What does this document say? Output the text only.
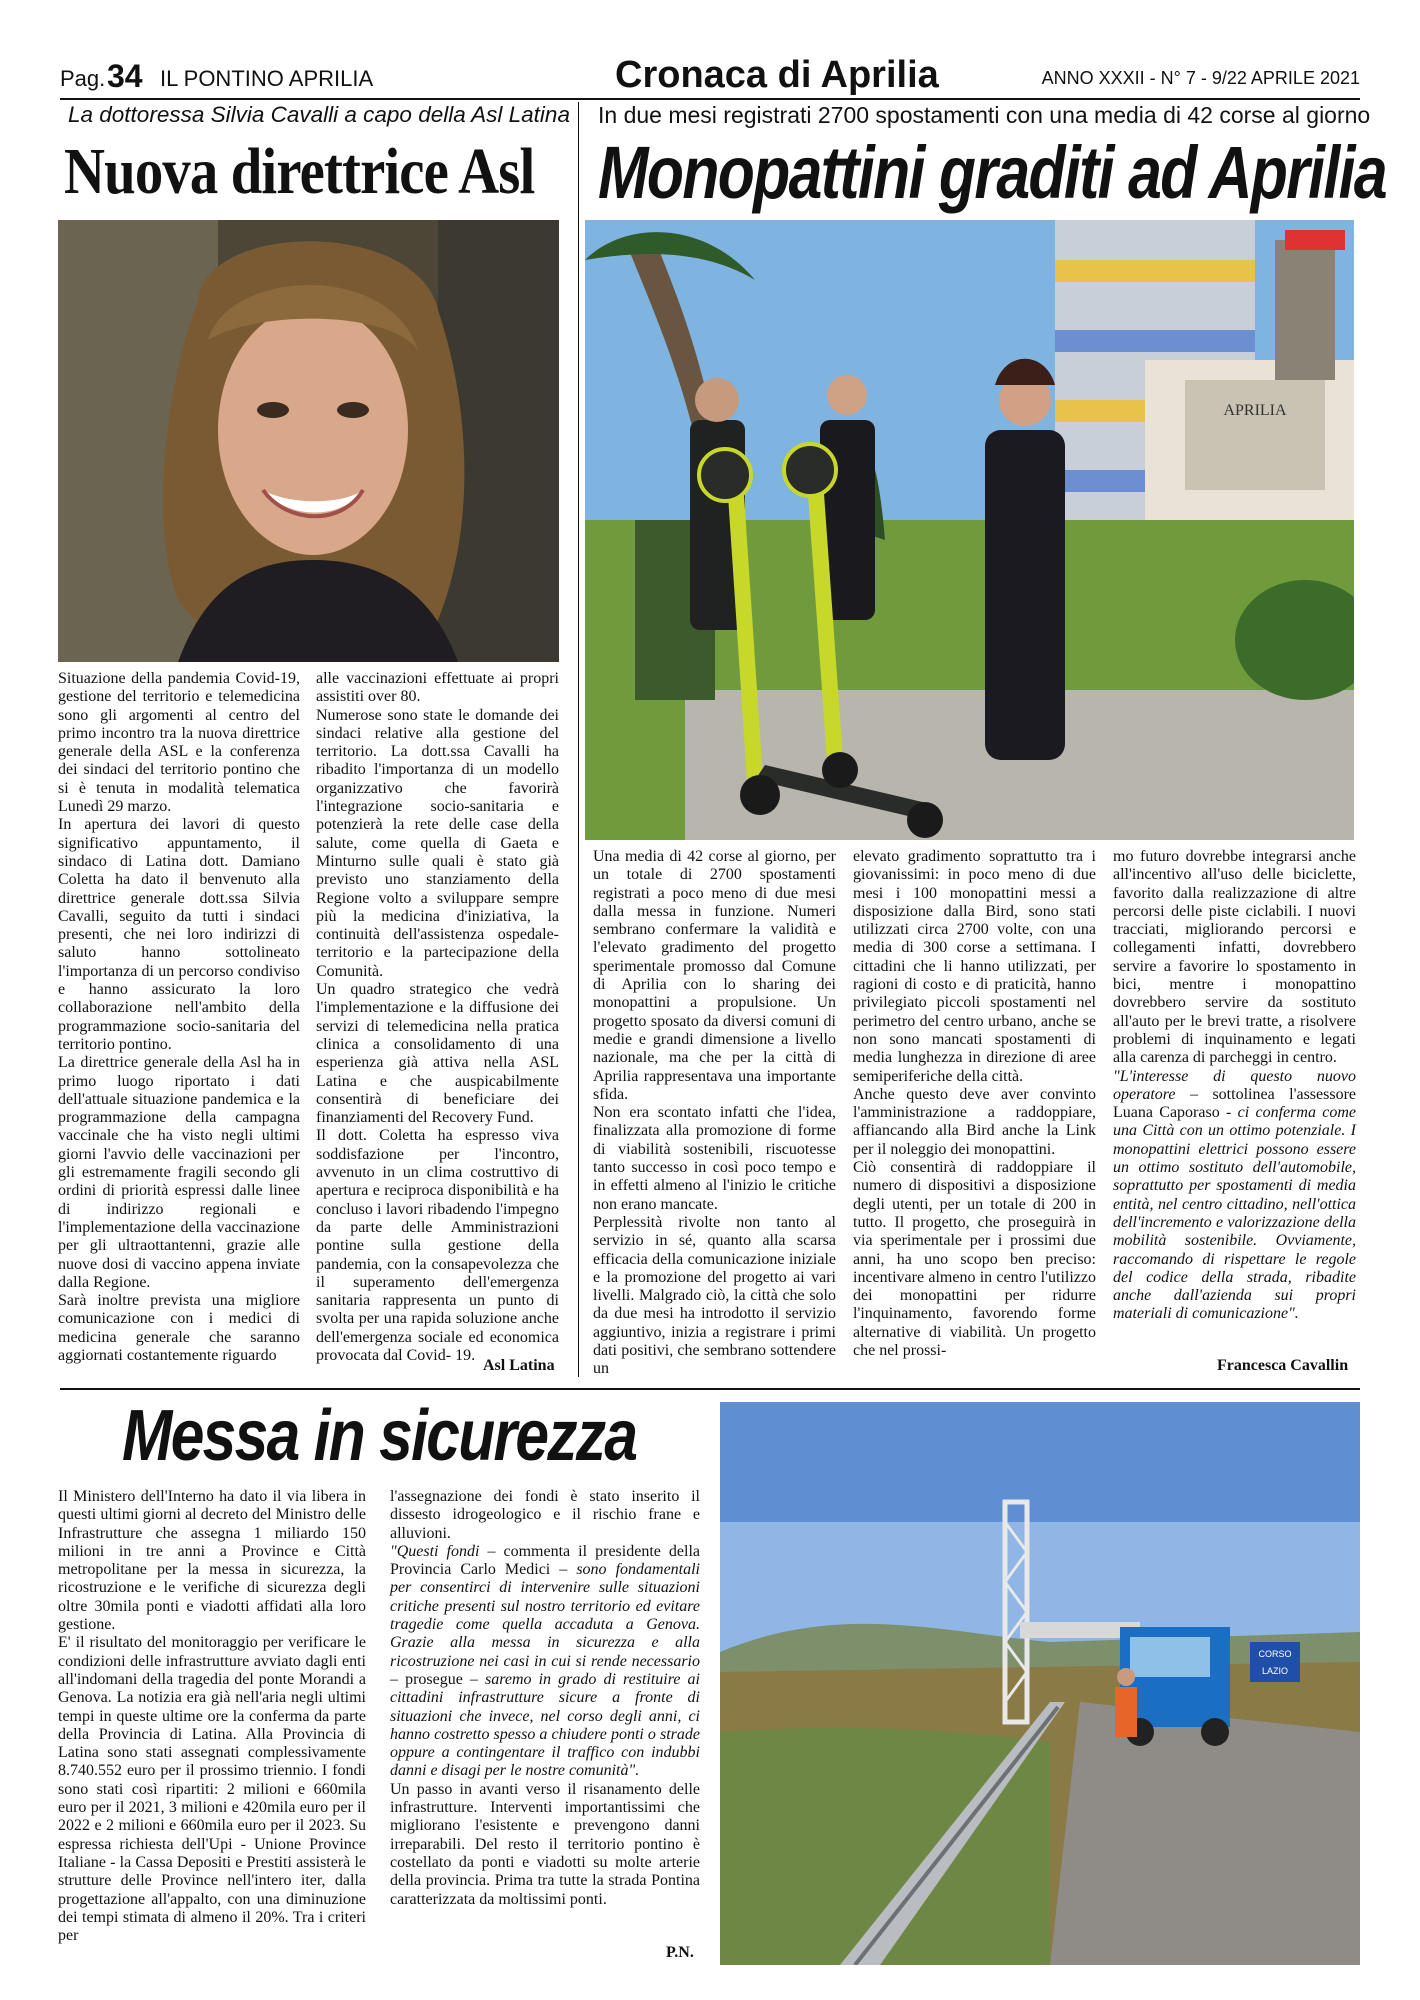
Pag. 34 IL PONTINO APRILIA	Cronaca di Aprilia	ANNO XXXII - N° 7 - 9/22 APRILE 2021
La dottoressa Silvia Cavalli a capo della Asl Latina
Nuova direttrice Asl

Situazione della pandemia Covid-19, gestione del territorio e telemedicina sono gli argomenti al centro del primo incontro tra la nuova direttrice generale della ASL e la conferenza dei sindaci del territorio pontino che si è tenuta in modalità telematica Lunedì 29 marzo.
In apertura dei lavori di questo significativo appuntamento, il sindaco di Latina dott. Damiano Coletta ha dato il benvenuto alla direttrice generale dott.ssa Silvia Cavalli, seguito da tutti i sindaci presenti, che nei loro indirizzi di saluto hanno sottolineato l'importanza di un percorso condiviso e hanno assicurato la loro collaborazione nell'ambito della programmazione socio-sanitaria del territorio pontino.
La direttrice generale della Asl ha in primo luogo riportato i dati dell'attuale situazione pandemica e la programmazione della campagna vaccinale che ha visto negli ultimi giorni l'avvio delle vaccinazioni per gli estremamente fragili secondo gli ordini di priorità espressi dalle linee di indirizzo regionali e l'implementazione della vaccinazione per gli ultraottantenni, grazie alle nuove dosi di vaccino appena inviate dalla Regione.
Sarà inoltre prevista una migliore comunicazione con i medici di medicina generale che saranno aggiornati costantemente riguardo

alle vaccinazioni effettuate ai propri assistiti over 80.
Numerose sono state le domande dei sindaci relative alla gestione del territorio. La dott.ssa Cavalli ha ribadito l'importanza di un modello organizzativo che favorirà l'integrazione socio-sanitaria e potenzierà la rete delle case della salute, come quella di Gaeta e Minturno sulle quali è stato già previsto uno stanziamento della Regione volto a sviluppare sempre più la medicina d'iniziativa, la continuità dell'assistenza ospedale-territorio e la partecipazione della Comunità.
Un quadro strategico che vedrà l'implementazione e la diffusione dei servizi di telemedicina nella pratica clinica a consolidamento di una esperienza già attiva nella ASL Latina e che auspicabilmente consentirà di beneficiare dei finanziamenti del Recovery Fund.
Il dott. Coletta ha espresso viva soddisfazione per l'incontro, avvenuto in un clima costruttivo di apertura e reciproca disponibilità e ha concluso i lavori ribadendo l'impegno da parte delle Amministrazioni pontine sulla gestione della pandemia, con la consapevolezza che il superamento dell'emergenza sanitaria rappresenta un punto di svolta per una rapida soluzione anche dell'emergenza sociale ed economica provocata dal Covid- 19.

Asl Latina
In due mesi registrati 2700 spostamenti con una media di 42 corse al giorno
Monopattini graditi ad Aprilia
APRILIA

Una media di 42 corse al giorno, per un totale di 2700 spostamenti registrati a poco meno di due mesi dalla messa in funzione. Numeri sembrano confermare la validità e l'elevato gradimento del progetto sperimentale promosso dal Comune di Aprilia con lo sharing dei monopattini a propulsione. Un progetto sposato da diversi comuni di medie e grandi dimensione a livello nazionale, ma che per la città di Aprilia rappresentava una importante sfida.
Non era scontato infatti che l'idea, finalizzata alla promozione di forme di viabilità sostenibili, riscuotesse tanto successo in così poco tempo e in effetti almeno al l'inizio le critiche non erano mancate.
Perplessità rivolte non tanto al servizio in sé, quanto alla scarsa efficacia della comunicazione iniziale e la promozione del progetto ai vari livelli. Malgrado ciò, la città che solo da due mesi ha introdotto il servizio aggiuntivo, inizia a registrare i primi dati positivi, che sembrano sottendere un

elevato gradimento soprattutto tra i giovanissimi: in poco meno di due mesi i 100 monopattini messi a disposizione dalla Bird, sono stati utilizzati circa 2700 volte, con una media di 300 corse a settimana. I cittadini che li hanno utilizzati, per ragioni di costo e di praticità, hanno privilegiato piccoli spostamenti nel perimetro del centro urbano, anche se non sono mancati spostamenti di media lunghezza in direzione di aree semiperiferiche della città.
Anche questo deve aver convinto l'amministrazione a raddoppiare, affiancando alla Bird anche la Link per il noleggio dei monopattini.
Ciò consentirà di raddoppiare il numero di dispositivi a disposizione degli utenti, per un totale di 200 in tutto. Il progetto, che proseguirà in via sperimentale per i prossimi due anni, ha uno scopo ben preciso: incentivare almeno in centro l'utilizzo dei monopattini per ridurre l'inquinamento, favorendo forme alternative di viabilità. Un progetto che nel prossi-

mo futuro dovrebbe integrarsi anche all'incentivo all'uso delle biciclette, favorito dalla realizzazione di altre percorsi delle piste ciclabili. I nuovi tracciati, migliorando percorsi e collegamenti infatti, dovrebbero servire a favorire lo spostamento in bici, mentre i monopattino dovrebbero servire da sostituto all'auto per le brevi tratte, a risolvere problemi di inquinamento e legati alla carenza di parcheggi in centro.
"L'interesse di questo nuovo operatore – sottolinea l'assessore Luana Caporaso - ci conferma come una Città con un ottimo potenziale. I monopattini elettrici possono essere un ottimo sostituto dell'automobile, soprattutto per spostamenti di media entità, nel centro cittadino, nell'ottica dell'incremento e valorizzazione della mobilità sostenibile. Ovviamente, raccomando di rispettare le regole del codice della strada, ribadite anche dall'azienda sui propri materiali di comunicazione".

Francesca Cavallin
Messa in sicurezza

Il Ministero dell'Interno ha dato il via libera in questi ultimi giorni al decreto del Ministro delle Infrastrutture che assegna 1 miliardo 150 milioni in tre anni a Province e Città metropolitane per la messa in sicurezza, la ricostruzione e le verifiche di sicurezza degli oltre 30mila ponti e viadotti affidati alla loro gestione.
E' il risultato del monitoraggio per verificare le condizioni delle infrastrutture avviato dagli enti all'indomani della tragedia del ponte Morandi a Genova. La notizia era già nell'aria negli ultimi tempi in queste ultime ore la conferma da parte della Provincia di Latina. Alla Provincia di Latina sono stati assegnati complessivamente 8.740.552 euro per il prossimo triennio. I fondi sono stati così ripartiti: 2 milioni e 660mila euro per il 2021, 3 milioni e 420mila euro per il 2022 e 2 milioni e 660mila euro per il 2023. Su espressa richiesta dell'Upi - Unione Province Italiane - la Cassa Depositi e Prestiti assisterà le strutture delle Province nell'intero iter, dalla progettazione all'appalto, con una diminuzione dei tempi stimata di almeno il 20%. Tra i criteri per

l'assegnazione dei fondi è stato inserito il dissesto idrogeologico e il rischio frane e alluvioni.
"Questi fondi – commenta il presidente della Provincia Carlo Medici – sono fondamentali per consentirci di intervenire sulle situazioni critiche presenti sul nostro territorio ed evitare tragedie come quella accaduta a Genova. Grazie alla messa in sicurezza e alla ricostruzione nei casi in cui si rende necessario – prosegue – saremo in grado di restituire ai cittadini infrastrutture sicure a fronte di situazioni che invece, nel corso degli anni, ci hanno costretto spesso a chiudere ponti o strade oppure a contingentare il traffico con indubbi danni e disagi per le nostre comunità".
Un passo in avanti verso il risanamento delle infrastrutture. Interventi importantissimi che migliorano l'esistente e prevengono danni irreparabili. Del resto il territorio pontino è costellato da ponti e viadotti su molte arterie della provincia. Prima tra tutte la strada Pontina caratterizzata da moltissimi ponti.

P.N.
CORSO
LAZIO
